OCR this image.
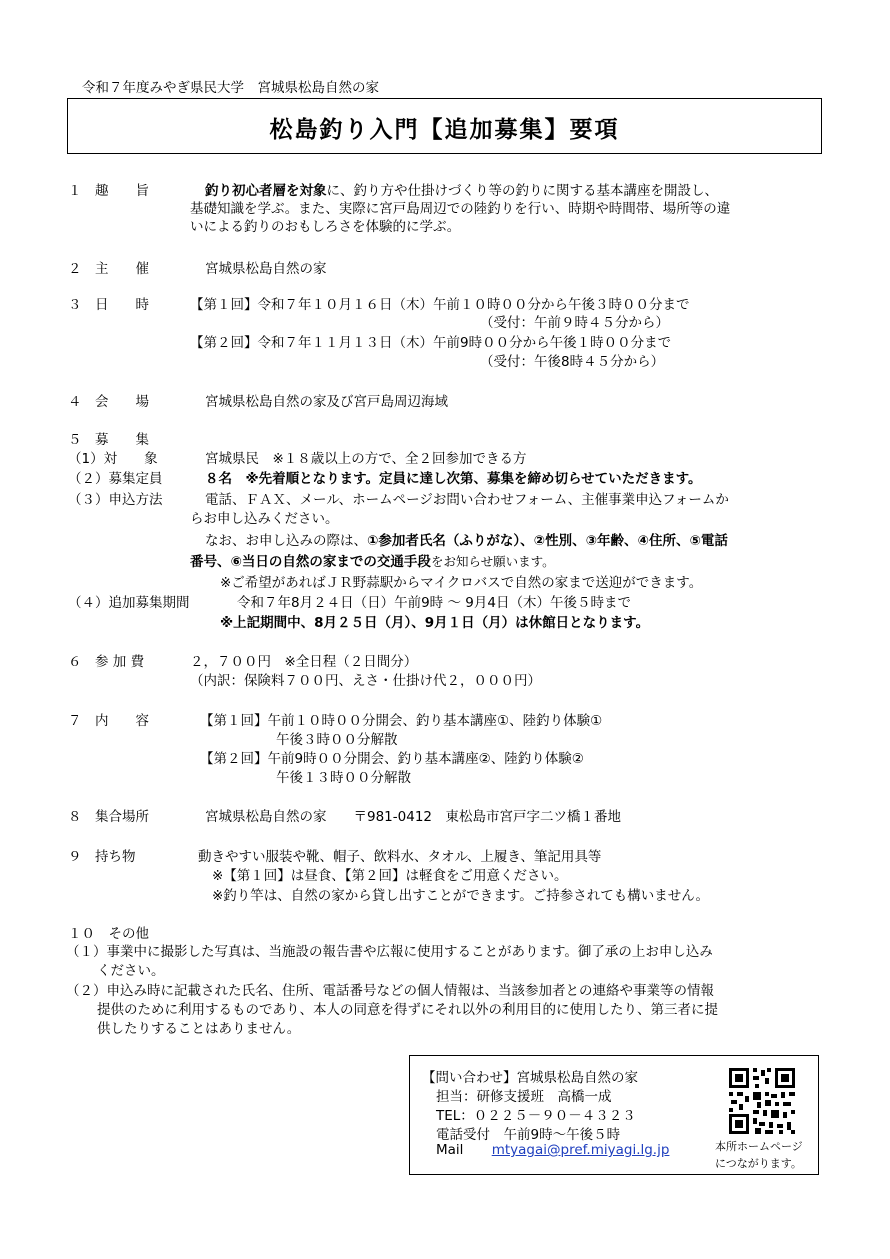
令和７年度みやぎ県民大学　宮城県松島自然の家
松島釣り入門【追加募集】要項
１　趣　　旨	釣り初心者層を対象に、釣り方や仕掛けづくり等の釣りに関する基本講座を開設し、
基礎知識を学ぶ。また、実際に宮戸島周辺での陸釣りを行い、時期や時間帯、場所等の違
いによる釣りのおもしろさを体験的に学ぶ。
２　主　　催	宮城県松島自然の家
３　日　　時	【第１回】令和７年１０月１６日（木）午前１０時００分から午後３時００分まで
（受付：午前９時４５分から）
【第２回】令和７年１１月１３日（木）午前9時００分から午後１時００分まで
（受付：午後8時４５分から）
４　会　　場	宮城県松島自然の家及び宮戸島周辺海域
５　募　　集
（1）対　　象	宮城県民　※１８歳以上の方で、全２回参加できる方
（２）募集定員	８名　※先着順となります。定員に達し次第、募集を締め切らせていただきます。
（３）申込方法	電話、ＦＡＸ、メール、ホームページお問い合わせフォーム、主催事業申込フォームか
らお申し込みください。
なお、お申し込みの際は、①参加者氏名（ふりがな）、②性別、③年齢、④住所、⑤電話
番号、⑥当日の自然の家までの交通手段をお知らせ願います。
※ご希望があればＪＲ野蒜駅からマイクロバスで自然の家まで送迎ができます。
（４）追加募集期間	令和７年8月２４日（日）午前9時 ～ 9月4日（木）午後５時まで
※上記期間中、8月２５日（月）、9月１日（月）は休館日となります。
６　参 加 費	２，７００円　※全日程（２日間分）
（内訳：保険料７００円、えさ・仕掛け代２，０００円）
７　内　　容	【第１回】午前１０時００分開会、釣り基本講座①、陸釣り体験①
午後３時００分解散
【第２回】午前9時００分開会、釣り基本講座②、陸釣り体験②
午後１３時００分解散
８　集合場所	宮城県松島自然の家　　〒981-0412　東松島市宮戸字二ツ橋１番地
９　持ち物	動きやすい服装や靴、帽子、飲料水、タオル、上履き、筆記用具等
※【第１回】は昼食、【第２回】は軽食をご用意ください。
※釣り竿は、自然の家から貸し出すことができます。ご持参されても構いません。
１０　その他
（１）事業中に撮影した写真は、当施設の報告書や広報に使用することがあります。御了承の上お申し込み
ください。
（２）申込み時に記載された氏名、住所、電話番号などの個人情報は、当該参加者との連絡や事業等の情報
提供のために利用するものであり、本人の同意を得ずにそれ以外の利用目的に使用したり、第三者に提
供したりすることはありません。
【問い合わせ】宮城県松島自然の家
担当：研修支援班　高橋一成
TEL：０２２５－９０－４３２３
電話受付　午前9時～午後５時
Mail mtyagai@pref.miyagi.lg.jp	本所ホームページ
につながります。
